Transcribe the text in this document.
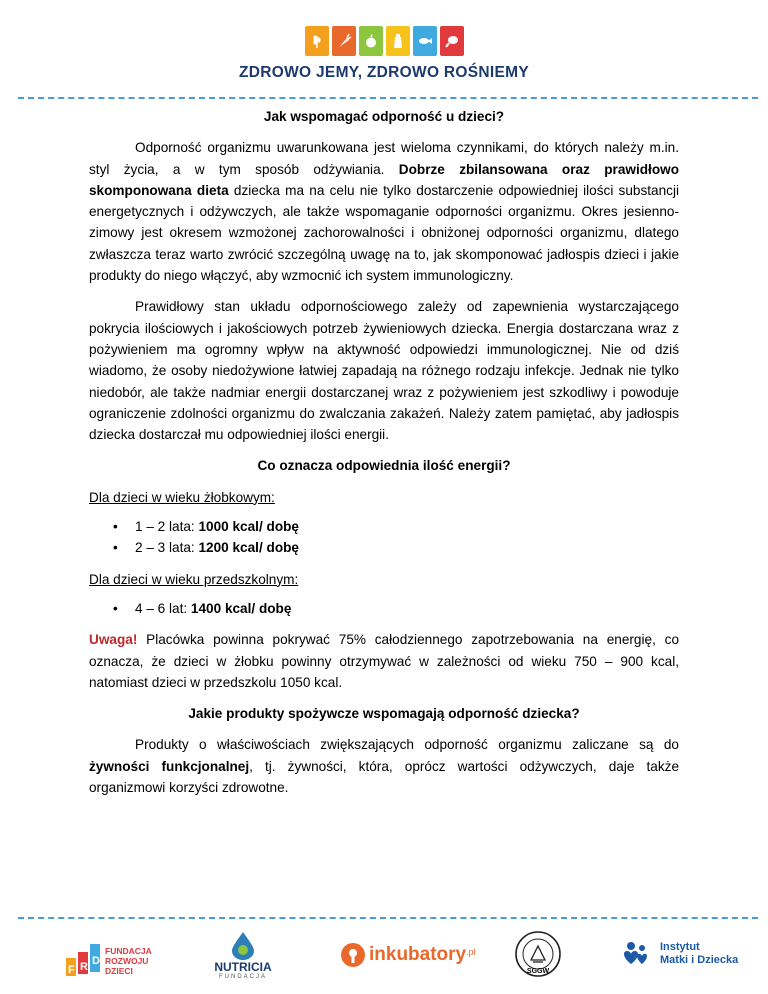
ZDROWO JEMY, ZDROWO ROŚNIEMY
Jak wspomagać odporność u dzieci?

Odporność organizmu uwarunkowana jest wieloma czynnikami, do których należy m.in. styl życia, a w tym sposób odżywiania. Dobrze zbilansowana oraz prawidłowo skomponowana dieta dziecka ma na celu nie tylko dostarczenie odpowiedniej ilości substancji energetycznych i odżywczych, ale także wspomaganie odporności organizmu. Okres jesienno-zimowy jest okresem wzmożonej zachorowalności i obniżonej odporności organizmu, dlatego zwłaszcza teraz warto zwrócić szczególną uwagę na to, jak skomponować jadłospis dzieci i jakie produkty do niego włączyć, aby wzmocnić ich system immunologiczny.

Prawidłowy stan układu odpornościowego zależy od zapewnienia wystarczającego pokrycia ilościowych i jakościowych potrzeb żywieniowych dziecka. Energia dostarczana wraz z pożywieniem ma ogromny wpływ na aktywność odpowiedzi immunologicznej. Nie od dziś wiadomo, że osoby niedożywione łatwiej zapadają na różnego rodzaju infekcje. Jednak nie tylko niedobór, ale także nadmiar energii dostarczanej wraz z pożywieniem jest szkodliwy i powoduje ograniczenie zdolności organizmu do zwalczania zakażeń. Należy zatem pamiętać, aby jadłospis dziecka dostarczał mu odpowiedniej ilości energii.

Co oznacza odpowiednia ilość energii?
Dla dzieci w wieku żłobkowym:
• 1 – 2 lata: 1000 kcal/ dobę
• 2 – 3 lata: 1200 kcal/ dobę
Dla dzieci w wieku przedszkolnym:
• 4 – 6 lat: 1400 kcal/ dobę

Uwaga! Placówka powinna pokrywać 75% całodziennego zapotrzebowania na energię, co oznacza, że dzieci w żłobku powinny otrzymywać w zależności od wieku 750 – 900 kcal, natomiast dzieci w przedszkolu 1050 kcal.

Jakie produkty spożywcze wspomagają odporność dziecka?

Produkty o właściwościach zwiększających odporność organizmu zaliczane są do żywności funkcjonalnej, tj. żywności, która, oprócz wartości odżywczych, daje także organizmowi korzyści zdrowotne.

F R D
FUNDACJA
ROZWOJU
DZIECI	NUTRICIA
FUNDACJA
inkubatory .pl
SGGW
Instytut
Matki i Dziecka
